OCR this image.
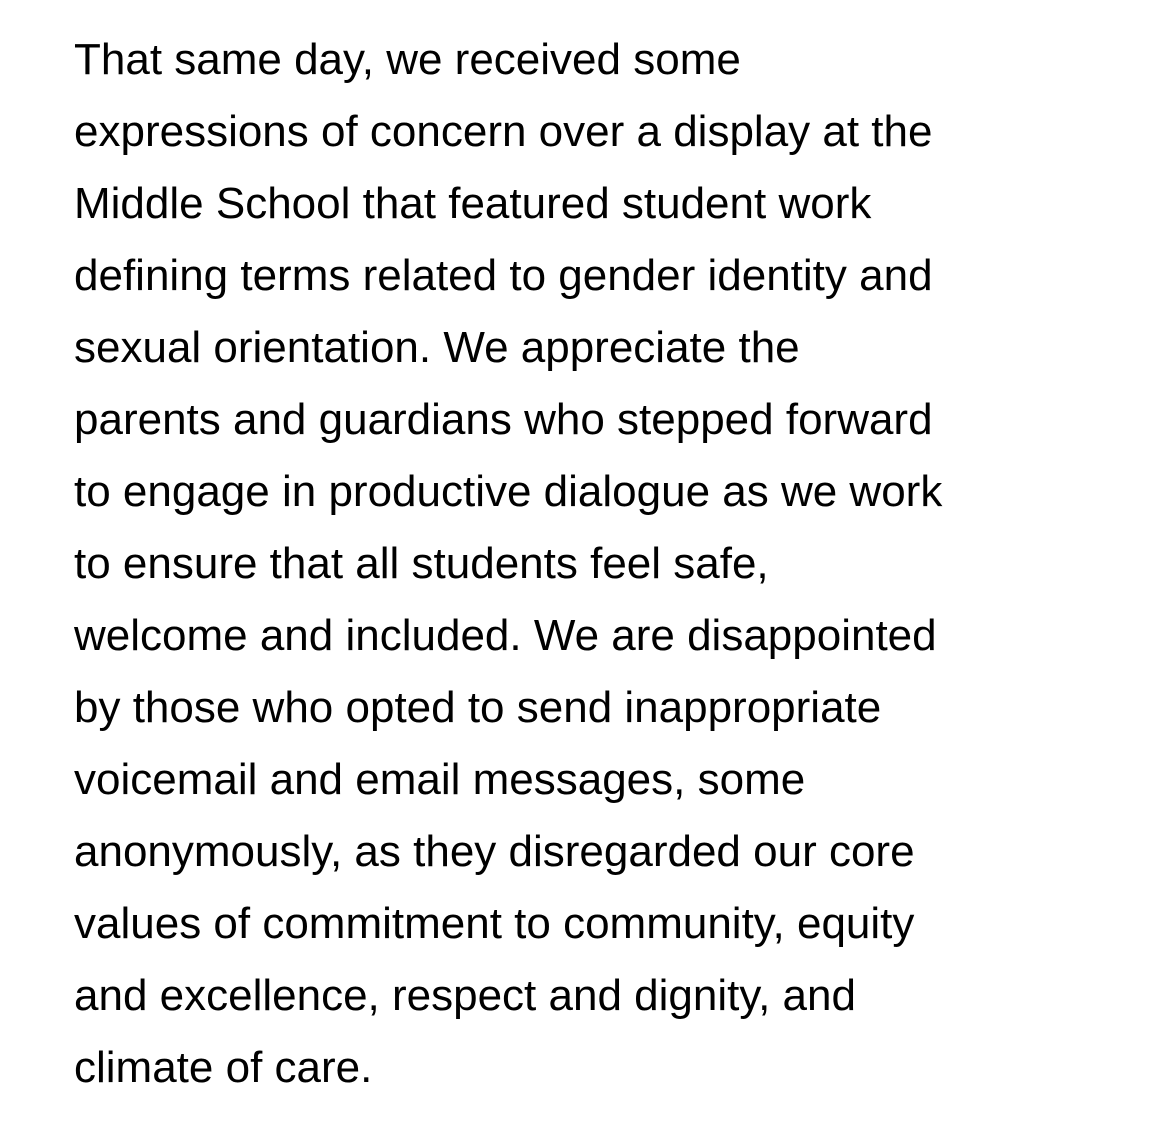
That same day, we received some
expressions of concern over a display at the
Middle School that featured student work
defining terms related to gender identity and
sexual orientation. We appreciate the
parents and guardians who stepped forward
to engage in productive dialogue as we work
to ensure that all students feel safe,
welcome and included. We are disappointed
by those who opted to send inappropriate
voicemail and email messages, some
anonymously, as they disregarded our core
values of commitment to community, equity
and excellence, respect and dignity, and
climate of care.
